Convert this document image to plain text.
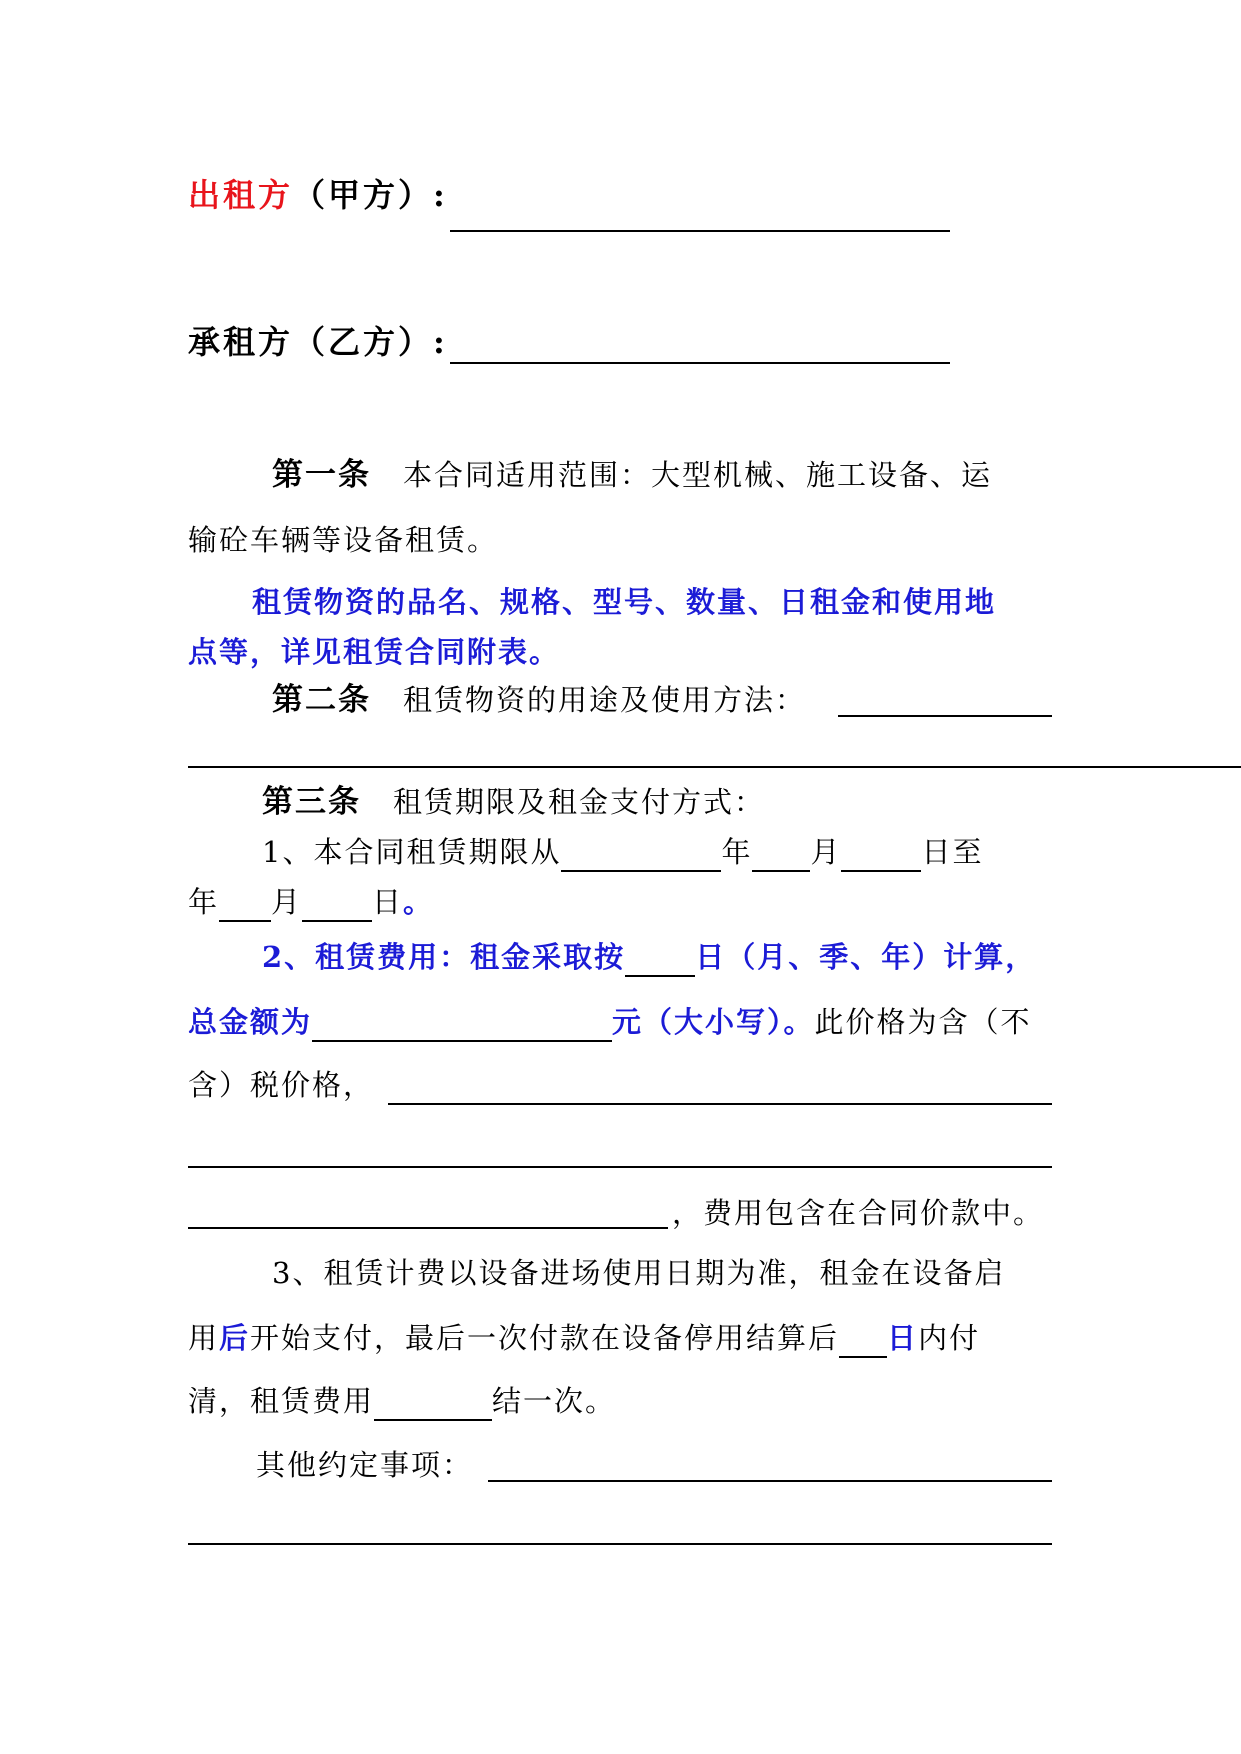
出租方（甲方）:
承租方（乙方）:
第一条 本合同适用范围：大型机械、施工设备、运
输砼车辆等设备租赁。
租赁物资的品名、规格、型号、数量、日租金和使用地
点等，详见租赁合同附表。
第二条 租赁物资的用途及使用方法：
第三条 租赁期限及租金支付方式：
1、本合同租赁期限从	年 月	日至
年 月 日。
2、租赁费用：租金采取按 日（月、季、年）计算，
总金额为	元（大小写）。此价格为含（不
含）税价格，
，费用包含在合同价款中。
3、租赁计费以设备进场使用日期为准，租金在设备启
用后开始支付，最后一次付款在设备停用结算后 日内付
清，租赁费用	结一次。
其他约定事项：
